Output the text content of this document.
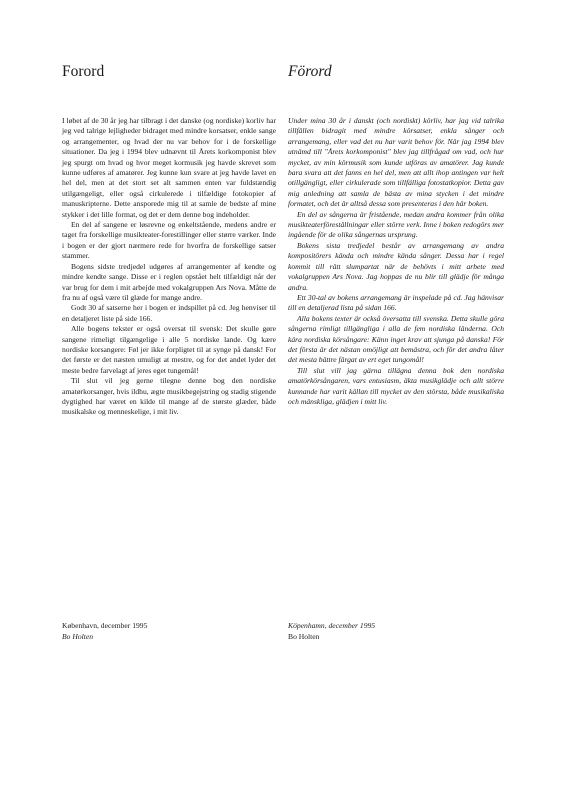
Forord

I løbet af de 30 år jeg har tilbragt i det danske (og nordiske) korliv har jeg ved talrige lejligheder bidraget med mindre korsatser, enkle sange og arrangementer, og hvad der nu var behov for i de forskellige situationer. Da jeg i 1994 blev udnævnt til Årets korkomponist blev jeg spurgt om hvad og hvor meget kormusik jeg havde skrevet som kunne udføres af amatører. Jeg kunne kun svare at jeg havde lavet en hel del, men at det stort set alt sammen enten var fuldstændig utilgængeligt, eller også cirkulerede i tilfældige fotokopier af manuskripterne. Dette ansporede mig til at samle de bedste af mine stykker i det lille format, og det er dem denne bog indeholder.

En del af sangene er løsrevne og enkeltstående, medens andre er taget fra forskellige musikteater-forestillinger eller større værker. Inde i bogen er der gjort nærmere rede for hvorfra de forskellige satser stammer.

Bogens sidste tredjedel udgøres af arrangementer af kendte og mindre kendte sange. Disse er i reglen opstået helt tilfældigt når der var brug for dem i mit arbejde med vokalgruppen Ars Nova. Måtte de fra nu af også være til glæde for mange andre.

Godt 30 af satserne her i bogen er indspillet på cd. Jeg henviser til en detaljeret liste på side 166.

Alle bogens tekster er også oversat til svensk: Det skulle gøre sangene rimeligt tilgængelige i alle 5 nordiske lande. Og kære nordiske korsangere: Føl jer ikke forpligtet til at synge på dansk! For det første er det næsten umuligt at mestre, og for det andet lyder det meste bedre farvelagt af jeres eget tungemål!

Til slut vil jeg gerne tilegne denne bog den nordiske amatørkorsanger, hvis ildhu, ægte musikbegejstring og stadig stigende dygtighed har været en kilde til mange af de største glæder, både musikalske og menneskelige, i mit liv.

København, december 1995
Bo Holten
Förord

Under mina 30 år i danskt (och nordiskt) körliv, har jag vid talrika tillfällen bidragit med mindre körsatser, enkla sånger och arrangemang, eller vad det nu har varit behov för. När jag 1994 blev utnämd till "Årets korkomponist" blev jag tillfrågad om vad, och hur mycket, av min körmusik som kunde utföras av amatörer. Jag kunde bara svara att det fanns en hel del, men att allt ihop antingen var helt otillgängligt, eller cirkulerade som tillfälliga fotostatkopior. Detta gav mig anledning att samla de bästa av mina stycken i det mindre formatet, och det är alltså dessa som presenteras i den här boken.

En del av sångerna är fristående, medan andra kommer från olika musikteaterföreställningar eller större verk. Inne i boken redogörs mer ingående för de olika sångernas ursprung.

Bokens sista tredjedel består av arrangemang av andra kompositörers kända och mindre kända sånger. Dessa har i regel kommit till rätt slumpartat när de behövts i mitt arbete med vokalgruppen Ars Nova. Jag hoppas de nu blir till glädje för många andra.

Ett 30-tal av bokens arrangemang är inspelade på cd. Jag hänvisar till en detaljerad lista på sidan 166.

Alla bokens texter är också översatta till svenska. Detta skulle göra sångerna rimligt tillgängliga i alla de fem nordiska länderna. Och kära nordiska körsångare: Känn inget krav att sjunga på danska! För det första är det nästan omöjligt att bemästra, och för det andra låter det mesta bättre färgat av ert eget tungomål!

Till slut vill jag gärna tillägna denna bok den nordiska amatörkörsångaren, vars entusiasm, äkta musikglädje och allt större kunnande har varit källan till mycket av den största, både musikaliska och mänskliga, glädjen i mitt liv.

Köpenhamn, december 1995
Bo Holten
